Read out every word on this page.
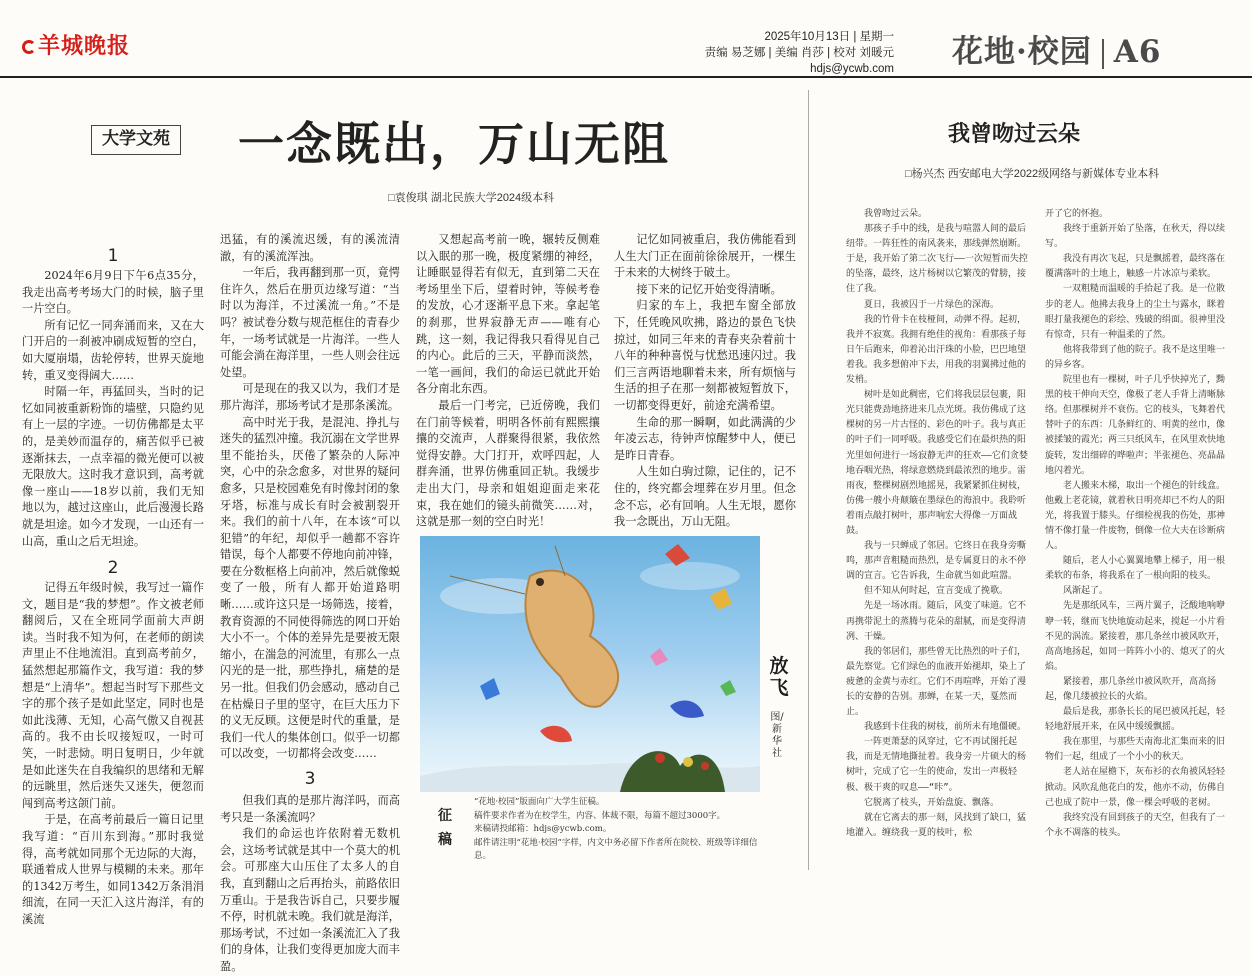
羊城晚报	2025年10月13日 | 星期一
责编 易芝娜 | 美编 肖莎 | 校对 刘暖元
hdjs@ycwb.com 花地·校园 A6
大学文苑 一念既出，万山无阻
□袁俊琪 湖北民族大学2024级本科
1

2024年6月9日下午6点35分，我走出高考考场大门的时候，脑子里一片空白。

所有记忆一同奔涌而来，又在大门开启的一刹被冲刷成短暂的空白，如大厦崩塌，齿轮停转，世界天旋地转，重叉变得阔大……

时隔一年，再猛回头，当时的记忆如同被重新粉饰的墙壁，只隐约见有上一层的字迹。一切仿佛都是太平的，是美妙而温存的，痛苦似乎已被逐渐抹去，一点幸福的微光便可以被无限放大。这时我才意识到，高考就像一座山——18岁以前，我们无知地以为，越过这座山，此后漫漫长路就是坦途。如今才发现，一山还有一山高，重山之后无坦途。

2

记得五年级时候，我写过一篇作文，题目是“我的梦想”。作文被老师翻阅后，又在全班同学面前大声朗读。当时我不知为何，在老师的朗读声里止不住地流泪。直到高考前夕，猛然想起那篇作文，我写道：我的梦想是“上清华”。想起当时写下那些文字的那个孩子是如此坚定，同时也是如此浅薄、无知，心高气傲又自视甚高的。我不由长叹接短叹，一时可笑，一时悲恸。明日复明日，少年就是如此迷失在自我编织的思绪和无解的远眺里，然后迷失又迷失，便忽而闯到高考这颌门前。

于是，在高考前最后一篇日记里我写道：“百川东到海。”那时我觉得，高考就如同那个无边际的大海，联通着成人世界与模糊的未来。那年的1342万考生，如同1342万条涓涓细流，在同一天汇入这片海洋，有的溪流

迅猛，有的溪流迟缓，有的溪流清澈，有的溪流浑浊。

一年后，我再翻到那一页，竟愕住许久，然后在册页边缘写道：“当时以为海洋，不过溪流一角。”不是吗？被试卷分数与规范框住的青春少年，一场考试就是一片海洋。一些人可能会淌在海洋里，一些人则会往远处望。

可是现在的我又以为，我们才是那片海洋，那场考试才是那条溪流。

高中时光于我，是混沌、挣扎与迷失的猛烈冲撞。我沉溺在文学世界里不能抬头，厌倦了繁杂的人际冲突，心中的杂念愈多，对世界的疑问愈多，只是校园难免有时像封闭的象牙塔，标准与成长有时会被割裂开来。我们的前十八年，在本该“可以犯错”的年纪，却似乎一趟都不容许错误，每个人都要不停地向前冲锋，要在分数框格上向前冲，然后就像蜕变了一般，所有人都开始道路明晰……或许这只是一场筛选，接着，教育资源的不同使得筛选的网口开始大小不一。个体的差异先是要被无限缩小，在湍急的河流里，有那么一点闪光的是一批，那些挣扎，痛楚的是另一批。但我们仍会感动，感动自己在枯燥日子里的坚守，在巨大压力下的义无反顾。这便是时代的重量，是我们一代人的集体创口。似乎一切都可以改变，一切都将会改变……

3

但我们真的是那片海洋吗，而高考只是一条溪流吗？

我们的命运也许依附着无数机会，这场考试就是其中一个莫大的机会。可那座大山压住了太多人的自我，直到翻山之后再抬头，前路依旧万重山。于是我告诉自己，只要步履不停，时机就未晚。我们就是海洋，那场考试，不过如一条溪流汇入了我们的身体，让我们变得更加庞大而丰盈。

又想起高考前一晚，辗转反侧难以入眠的那一晚，极度紧绷的神经，让睡眠显得若有似无，直到第二天在考场里坐下后，望着时钟，等候考卷的发放，心才逐渐平息下来。拿起笔的刹那，世界寂静无声——唯有心跳，这一刻，我记得我只看得见自己的内心。此后的三天，平静而淡然，一笔一画间，我们的命运已就此开始各分南北东西。

最后一门考完，已近傍晚，我们在门前等候着，明明各怀前有熙熙攘攘的交流声，人群聚得很紧，我依然觉得安静。大门打开，欢呼四起，人群奔涌，世界仿佛重回正轨。我缓步走出大门，母亲和姐姐迎面走来花束，我在她们的镜头前微笑……对，这就是那一刻的空白时光！

记忆如同被重启，我仿佛能看到人生大门正在面前徐徐展开，一棵生于未来的大树终于破土。

接下来的记忆开始变得清晰。

归家的车上，我把车窗全部放下，任凭晚风吹拂，路边的景色飞快掠过，如同三年来的青春夹杂着前十八年的种种喜悦与忧愁迅速闪过。我们三言两语地聊着未来，所有烦恼与生活的担子在那一刻都被短暂放下，一切都变得更好，前途充满希望。

生命的那一瞬啊，如此满满的少年凌云志，待钟声惊醒梦中人，便已是昨日青春。

人生如白驹过隙，记住的，记不住的，终究都会埋葬在岁月里。但念念不忘，必有回响。人生无垠，愿你我一念既出，万山无阻。

放飞
图/新华社
征稿
“花地·校园”版面向广大学生征稿。
稿件要求作者为在校学生，内容、体裁不限，每篇不超过3000字。
来稿请投邮箱：hdjs@ycwb.com。
邮件请注明“花地·校园”字样，内文中务必留下作者所在院校、班级等详细信息。
我曾吻过云朵
□杨兴杰 西安邮电大学2022级网络与新媒体专业本科

我曾吻过云朵。

那孩子手中的线，是我与喧嚣人间的最后纽带。一阵狂性的南风袭来，那线弹然崩断。于是，我开始了第二次飞行——一次短暂而失控的坠落，最终，这片杨树以它繁茂的臂膀，接住了我。

夏日，我被囚于一片绿色的深海。

我的竹骨卡在枝桠间，动弹不得。起初，我并不寂寞。我拥有绝佳的视角：看那孩子每日午后跑来，仰着沁出汗珠的小脸，巴巴地望着我。我多想俯冲下去，用我的羽翼拂过他的发梢。

树叶是如此稠密，它们将我层层包裹，阳光只能费劲地挤进来几点光斑。我仿佛成了这棵树的另一片古怪的、彩色的叶子。我与真正的叶子们一同呼吸。我感受它们在最炽热的阳光里如何进行一场寂静无声的狂欢——它们贪婪地吞咽光热，将绿意燃烧到最浓烈的地步。雷雨夜，整棵树剧烈地摇晃，我紧紧抓住树枝，仿佛一艘小舟颠簸在墨绿色的海浪中。我聆听着雨点敲打树叶，那声响宏大得像一万面战鼓。

我与一只蝉成了邻居。它终日在我身旁嘶鸣，那声音粗糙而热烈，是专属夏日的永不停调的宣言。它告诉我，生命就当如此喧嚣。

但不知从何时起，宣言变成了挽歌。

先是一场冰雨。随后，风变了味道。它不再携带泥土的蒸腾与花朵的甜腻，而是变得清冽、干燥。

我的邻居们，那些曾无比热烈的叶子们，最先察觉。它们绿色的血液开始褪却，染上了疲惫的金黄与赤红。它们不再喧哗，开始了漫长的安静的告别。那蝉，在某一天，戛然而止。

我感到卡住我的树枝，前所未有地僵硬。

一阵更萧瑟的风穿过，它不再试图托起我，而是无情地撕扯着。我身旁一片硕大的杨树叶，完成了它一生的使命，发出一声极轻极、极干爽的叹息——“咔”。

它脱离了枝头，开始盘旋、飘落。

就在它离去的那一刻，风找到了缺口，猛地灌入。缠绕我一夏的枝叶，松

开了它的怀抱。

我终于重新开始了坠落，在秋天，得以续写。

我没有再次飞起，只是飘摇着，最终落在覆满落叶的土地上，触感一片冰凉与柔软。

一双粗糙而温暖的手拾起了我。是一位散步的老人。他拂去我身上的尘土与露水，眯着眼打量我褪色的彩绘、残破的绢面。很神里没有惊奇，只有一种温柔的了然。

他将我带到了他的院子。我不是这里唯一的异乡客。

院里也有一棵树，叶子几乎快掉光了，黝黑的枝干伸向天空，像极了老人手背上清晰脉络。但那棵树并不衰伤。它的枝头，飞舞着代替叶子的东西：几条鲜红的、明黄的丝巾，像被揉皱的霞光；两三只纸风车，在风里欢快地旋转，发出细碎的哗啦声；半张褪色、亮晶晶地闪着光。

老人搬来木梯，取出一个褪色的针线盒。他戴上老花镜，就着秋日明亮却已不灼人的阳光，将我置于膝头。仔细检视我的伤处，那神情不像打量一件废物，倒像一位大夫在诊断病人。

随后，老人小心翼翼地攀上梯子，用一根柔软的布条，将我系在了一根向阳的枝头。

风渐起了。

先是那纸风车，三两片翼子，泛酸地响咿咿一转，继而飞快地旋动起来，搅起一小片看不见的涡流。紧接着，那几条丝巾被风吹开，高高地扬起，如同一阵阵小小的、熄灭了的火焰。

紧接着，那几条丝巾被风吹开，高高扬起，像几缕被拉长的火焰。

最后是我，那条长长的尾巴被风托起，轻轻地舒展开来，在风中缓缓飘摇。

我在那里，与那些天南海北汇集而来的旧物们一起，组成了一个小小的秋天。

老人站在屋檐下，灰布衫的衣角被风轻轻掀动。风吹乱他花白的发，他亦不动，仿佛自己也成了院中一景，像一棵会呼吸的老树。

我终究没有回到孩子的天空，但我有了一个永不凋落的枝头。
